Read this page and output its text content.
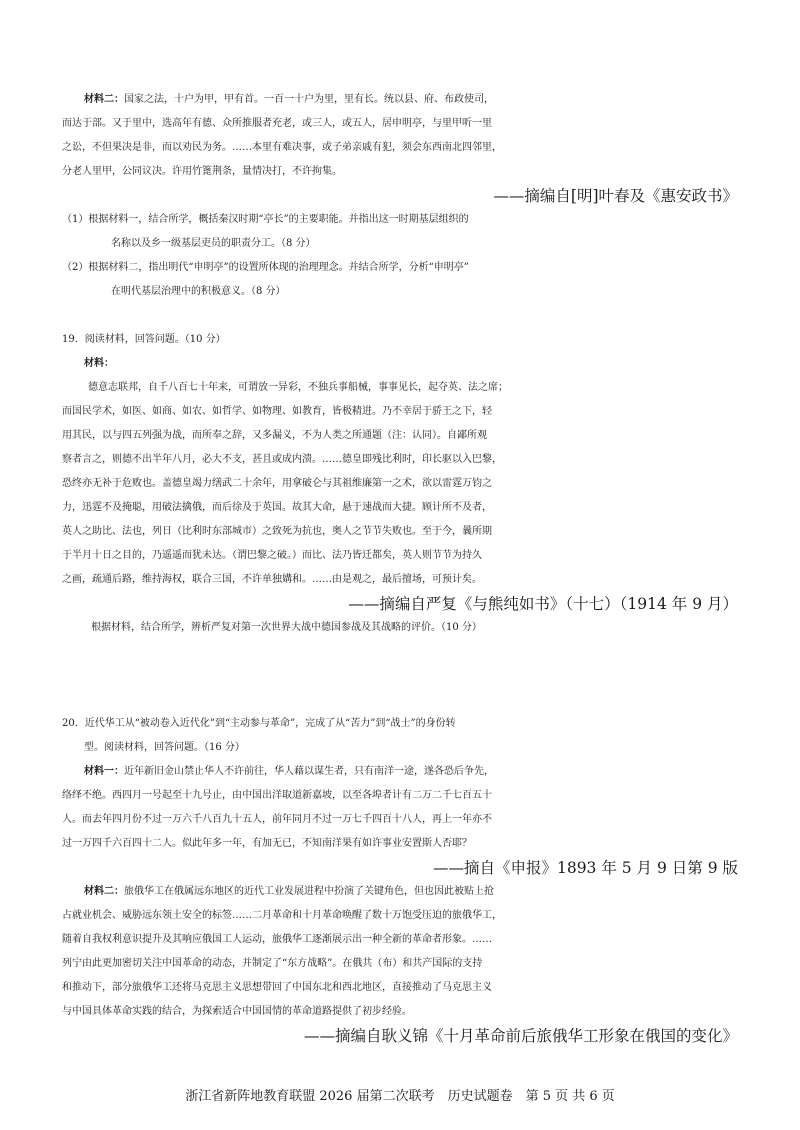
材料二：国家之法，十户为甲，甲有首。一百一十户为里，里有长。统以县、府、布政使司，
而达于部。又于里中，选高年有德、众所推服者充老，或三人，或五人，居申明亭，与里甲听一里
之讼，不但果决是非，而以劝民为务。……本里有难决事，或子弟亲戚有犯，须会东西南北四邻里，
分老人里甲，公同议决。许用竹篦荆条，量情决打，不许拘集。
——摘编自[明]叶春及《惠安政书》
（1）根据材料一，结合所学，概括秦汉时期“亭长”的主要职能。并指出这一时期基层组织的
名称以及乡一级基层吏员的职责分工。（8 分）
（2）根据材料二，指出明代“申明亭”的设置所体现的治理理念。并结合所学，分析“申明亭”
在明代基层治理中的积极意义。（8 分）
19．阅读材料，回答问题。（10 分）
材料：
德意志联邦，自千八百七十年来，可谓放一异彩，不独兵事船械，事事见长，起夺英、法之席；
而国民学术，如医、如商、如农、如哲学、如物理、如教育，皆极精进。乃不幸居于骄王之下，轻
用其民，以与四五列强为战，而所奉之辞，又多漏义，不为人类之所通题（注：认同）。自鄙所观
察者言之，则德不出半年八月，必大不支，甚且或成内溃。……德皇即残比利时，印长驱以入巴黎，
恐终亦无补于危败也。盖德皇竭力缮武二十余年，用拿破仑与其祖维廉第一之术，欲以雷霆万钧之
力，迅霆不及掩聪，用破法擒俄，而后徐及于英国。故其大命，悬于速战而大捷。顾计所不及者，
英人之助比、法也，列日（比利时东部城市）之致死为抗也，奥人之节节失败也。至于今，曩所期
于半月十日之目的，乃遥遥而犹未达。（谓巴黎之破。）而比、法乃皆迁都矣，英人则节节为持久
之画，疏通后路，维持海权，联合三国，不许单独媾和。……由是观之，最后擅场，可预计矣。
——摘编自严复《与熊纯如书》（十七）（1914 年 9 月）
根据材料，结合所学，辨析严复对第一次世界大战中德国参战及其战略的评价。（10 分）
20．近代华工从“被动卷入近代化”到“主动参与革命”，完成了从“苦力”到“战士”的身份转
型。阅读材料，回答问题。（16 分）
材料一：近年新旧金山禁止华人不许前往，华人藉以谋生者，只有南洋一途，遂各恐后争先，
络绎不绝。西四月一号起至十九号止，由中国出洋取道新嘉坡，以至各埠者计有二万二千七百五十
人。而去年四月份不过一万六千八百九十五人，前年同月不过一万七千四百十八人，再上一年亦不
过一万四千六百四十二人。似此年多一年，有加无已，不知南洋果有如许事业安置斯人否耶？
——摘自《申报》1893 年 5 月 9 日第 9 版
材料二：旅俄华工在俄属远东地区的近代工业发展进程中扮演了关键角色，但也因此被贴上抢
占就业机会、威胁远东领土安全的标签……二月革命和十月革命唤醒了数十万饱受压迫的旅俄华工，
随着自我权利意识提升及其响应俄国工人运动，旅俄华工逐渐展示出一种全新的革命者形象。……
列宁由此更加密切关注中国革命的动态，并制定了“东方战略”。在俄共（布）和共产国际的支持
和推动下，部分旅俄华工还将马克思主义思想带回了中国东北和西北地区，直接推动了马克思主义
与中国具体革命实践的结合，为探索适合中国国情的革命道路提供了初步经验。
——摘编自耿义锦《十月革命前后旅俄华工形象在俄国的变化》
浙江省新阵地教育联盟 2026 届第二次联考　历史试题卷　第 5 页 共 6 页
